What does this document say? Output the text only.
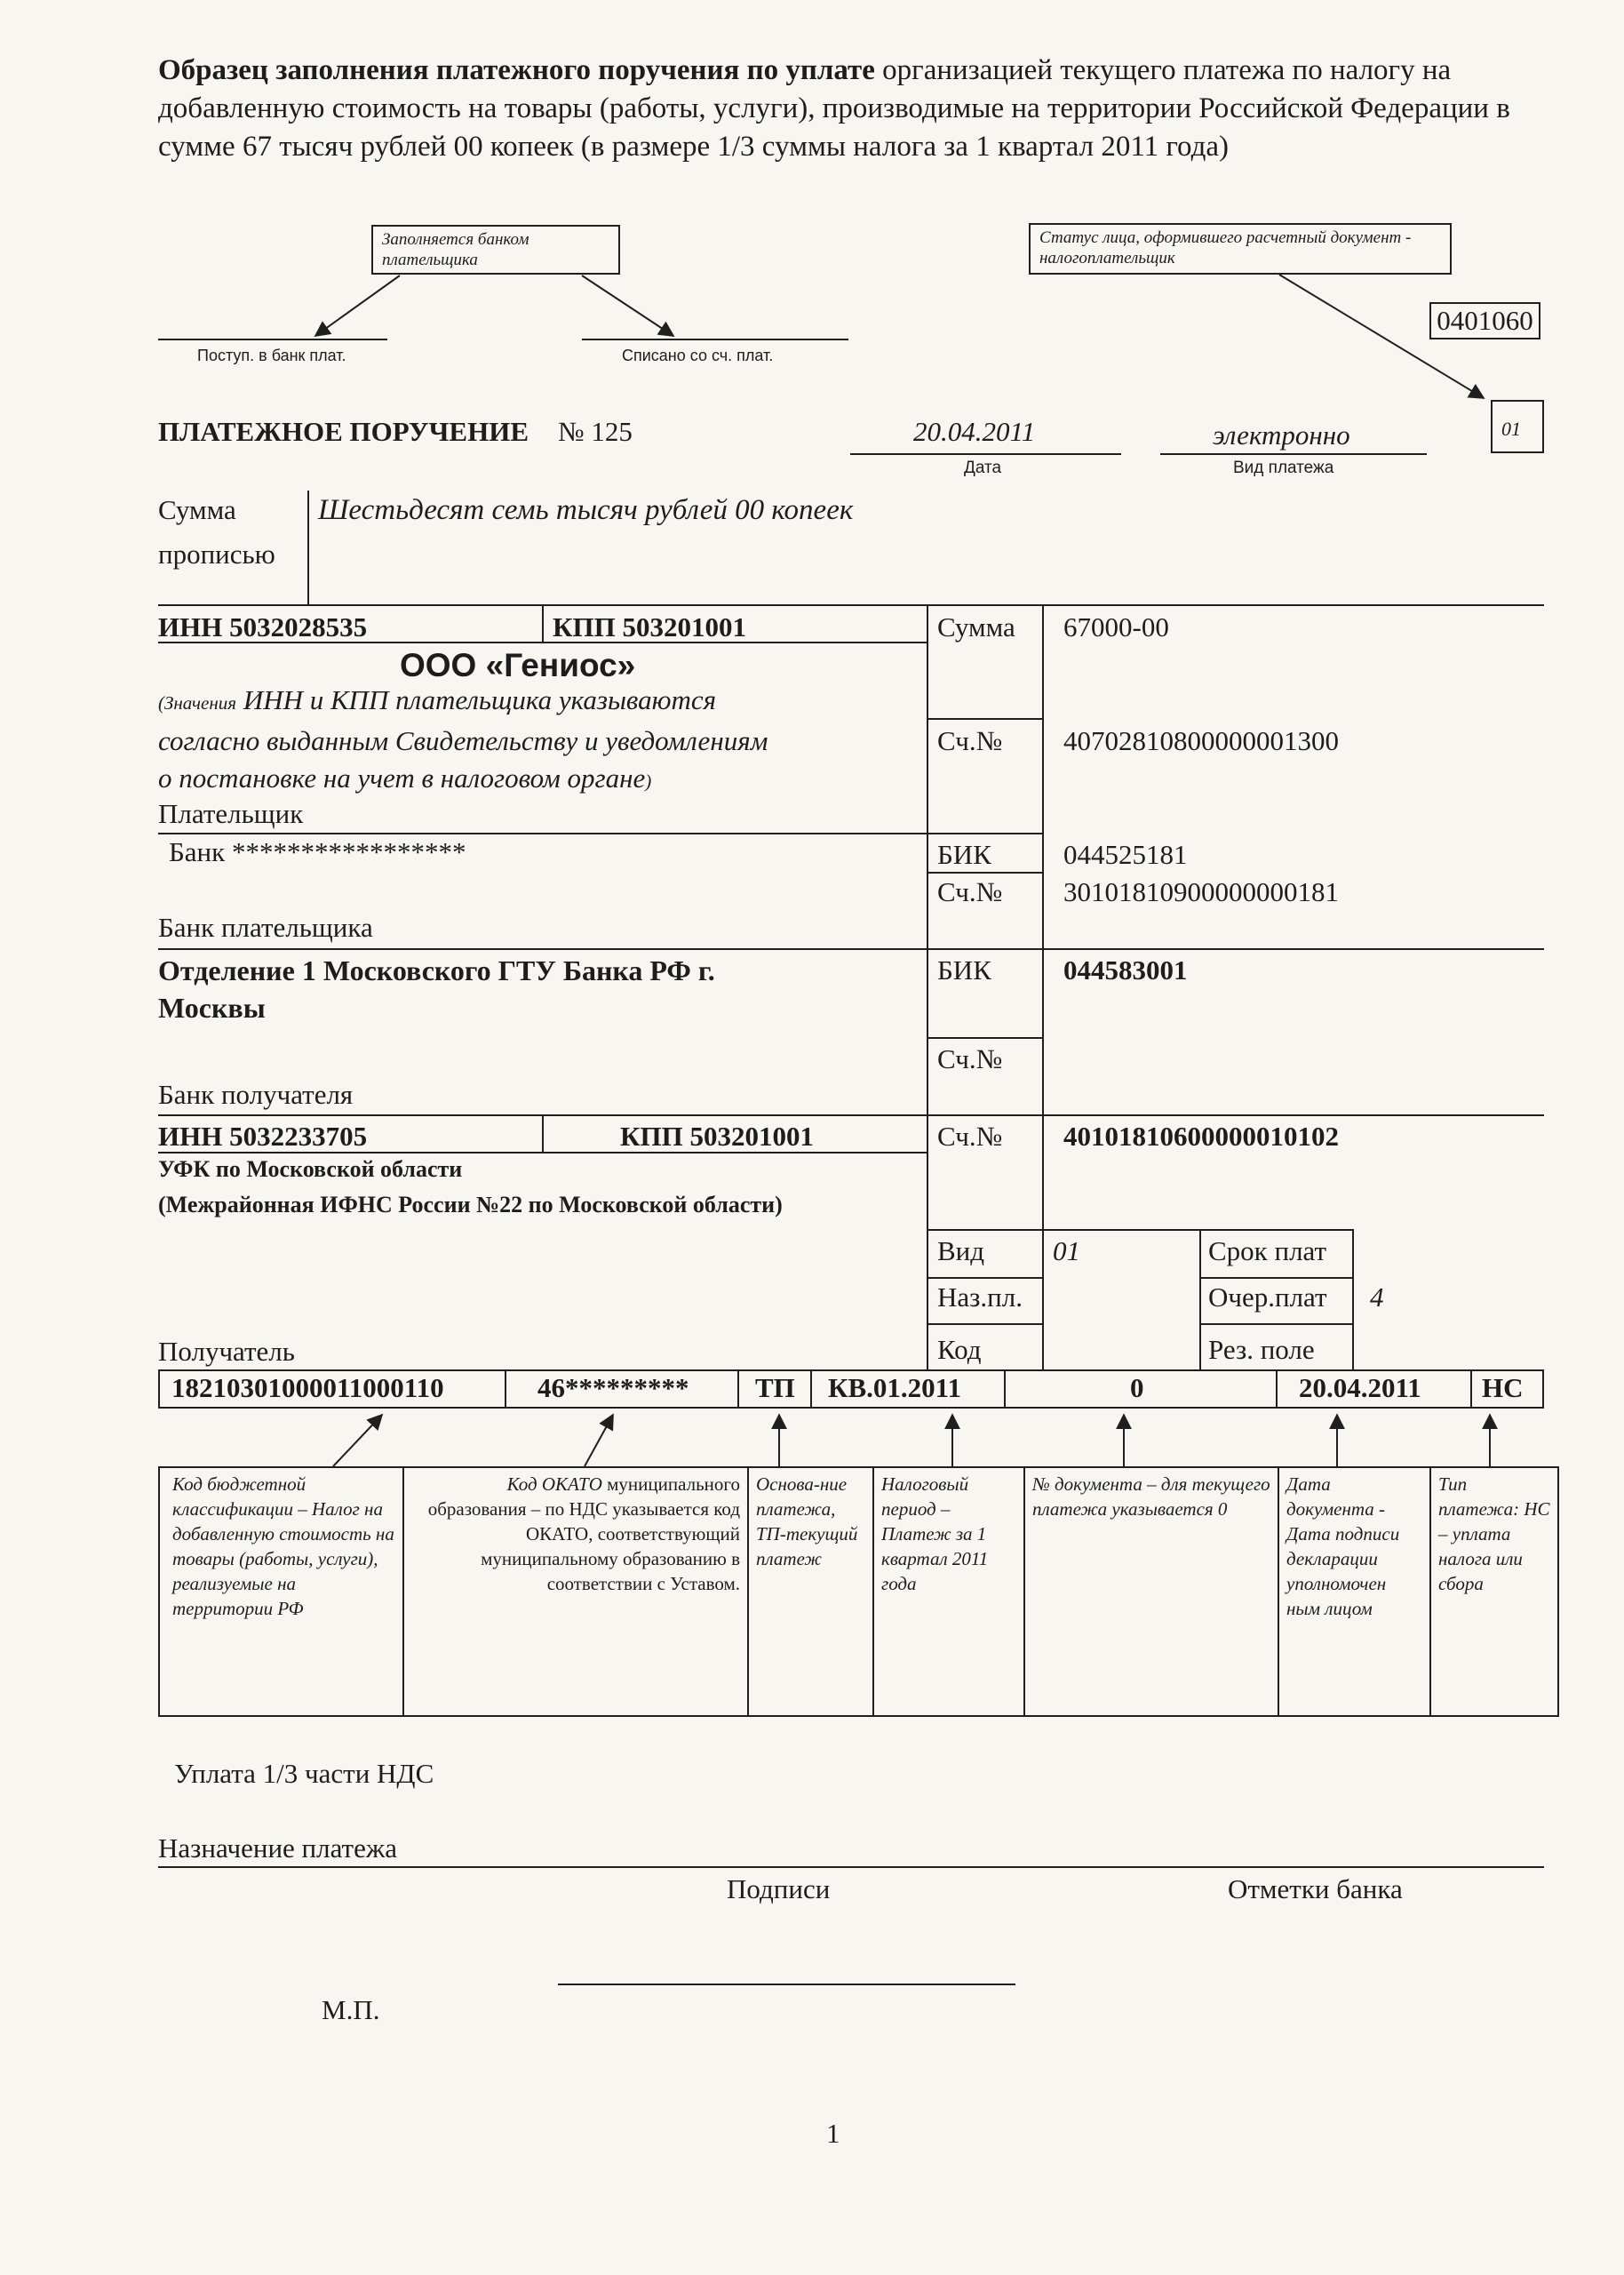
Образец заполнения платежного поручения по уплате организацией текущего платежа по налогу на добавленную стоимость на товары (работы, услуги), производимые на территории Российской Федерации в сумме 67 тысяч рублей 00 копеек (в размере 1/3 суммы налога за 1 квартал 2011 года)
Заполняется банком плательщика
Статус лица, оформившего расчетный документ - налогоплательщик
Поступ. в банк плат.	Списано со сч. плат.
0401060
ПЛАТЕЖНОЕ ПОРУЧЕНИЕ № 125	20.04.2011
Дата
электронно
Вид платежа
01
Сумма
прописью
Шестьдесят семь тысяч рублей 00 копеек
ИНН 5032028535	КПП 503201001
ООО «Гениос»
(Значения ИНН и КПП плательщика указываются
согласно выданным Свидетельству и уведомлениям
о постановке на учет в налоговом органе)
Плательщик
Банк *****************
Банк плательщика
Отделение 1 Московского ГТУ Банка РФ г.
Москвы
Банк получателя
ИНН 5032233705	КПП 503201001
УФК по Московской области
(Межрайонная ИФНС России №22 по Московской области)
Получатель
Сумма 67000-00
Сч.№ 40702810800000001300
БИК	044525181
Сч.№ 30101810900000000181
БИК	044583001
Сч.№
Сч.№ 40101810600000010102
Вид 01
Наз.пл.
Код
Срок плат
Очер.плат 4
Рез. поле
18210301000011000110	46********* ТП КВ.01.2011	0	20.04.2011 НС
Код бюджетной классификации – Налог на добавленную стоимость на товары (работы, услуги), реализуемые на территории РФ
Код ОКАТО муниципального образования – по НДС указывается код ОКАТО, соответствующий муниципальному образованию в соответствии с Уставом.
Основа-ние платежа, ТП-текущий платеж
Налоговый период – Платеж за 1 квартал 2011 года
№ документа – для текущего платежа указывается 0
Дата документа - Дата подписи декларации уполномочен ным лицом
Тип платежа: НС – уплата налога или сбора
Уплата 1/3 части НДС
Назначение платежа
Подписи	Отметки банка
М.П.
1
